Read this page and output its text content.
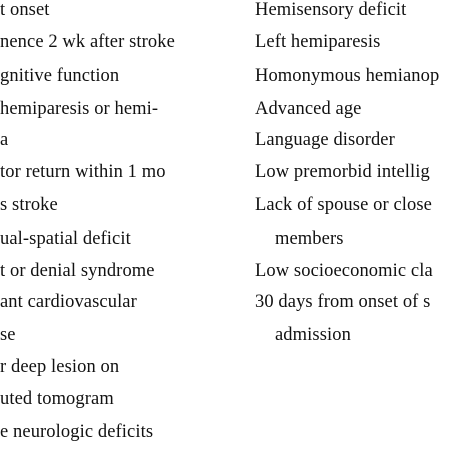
t onset
nence 2 wk after stroke
gnitive function
hemiparesis or hemi-
a
tor return within 1 mo
s stroke
ual-spatial deficit
t or denial syndrome
ant cardiovascular
se
r deep lesion on
uted tomogram
e neurologic deficits
Hemisensory deficit
Left hemiparesis
Homonymous hemianop
Advanced age
Language disorder
Low premorbid intellig
Lack of spouse or close
members
Low socioeconomic cla
30 days from onset of s
admission
